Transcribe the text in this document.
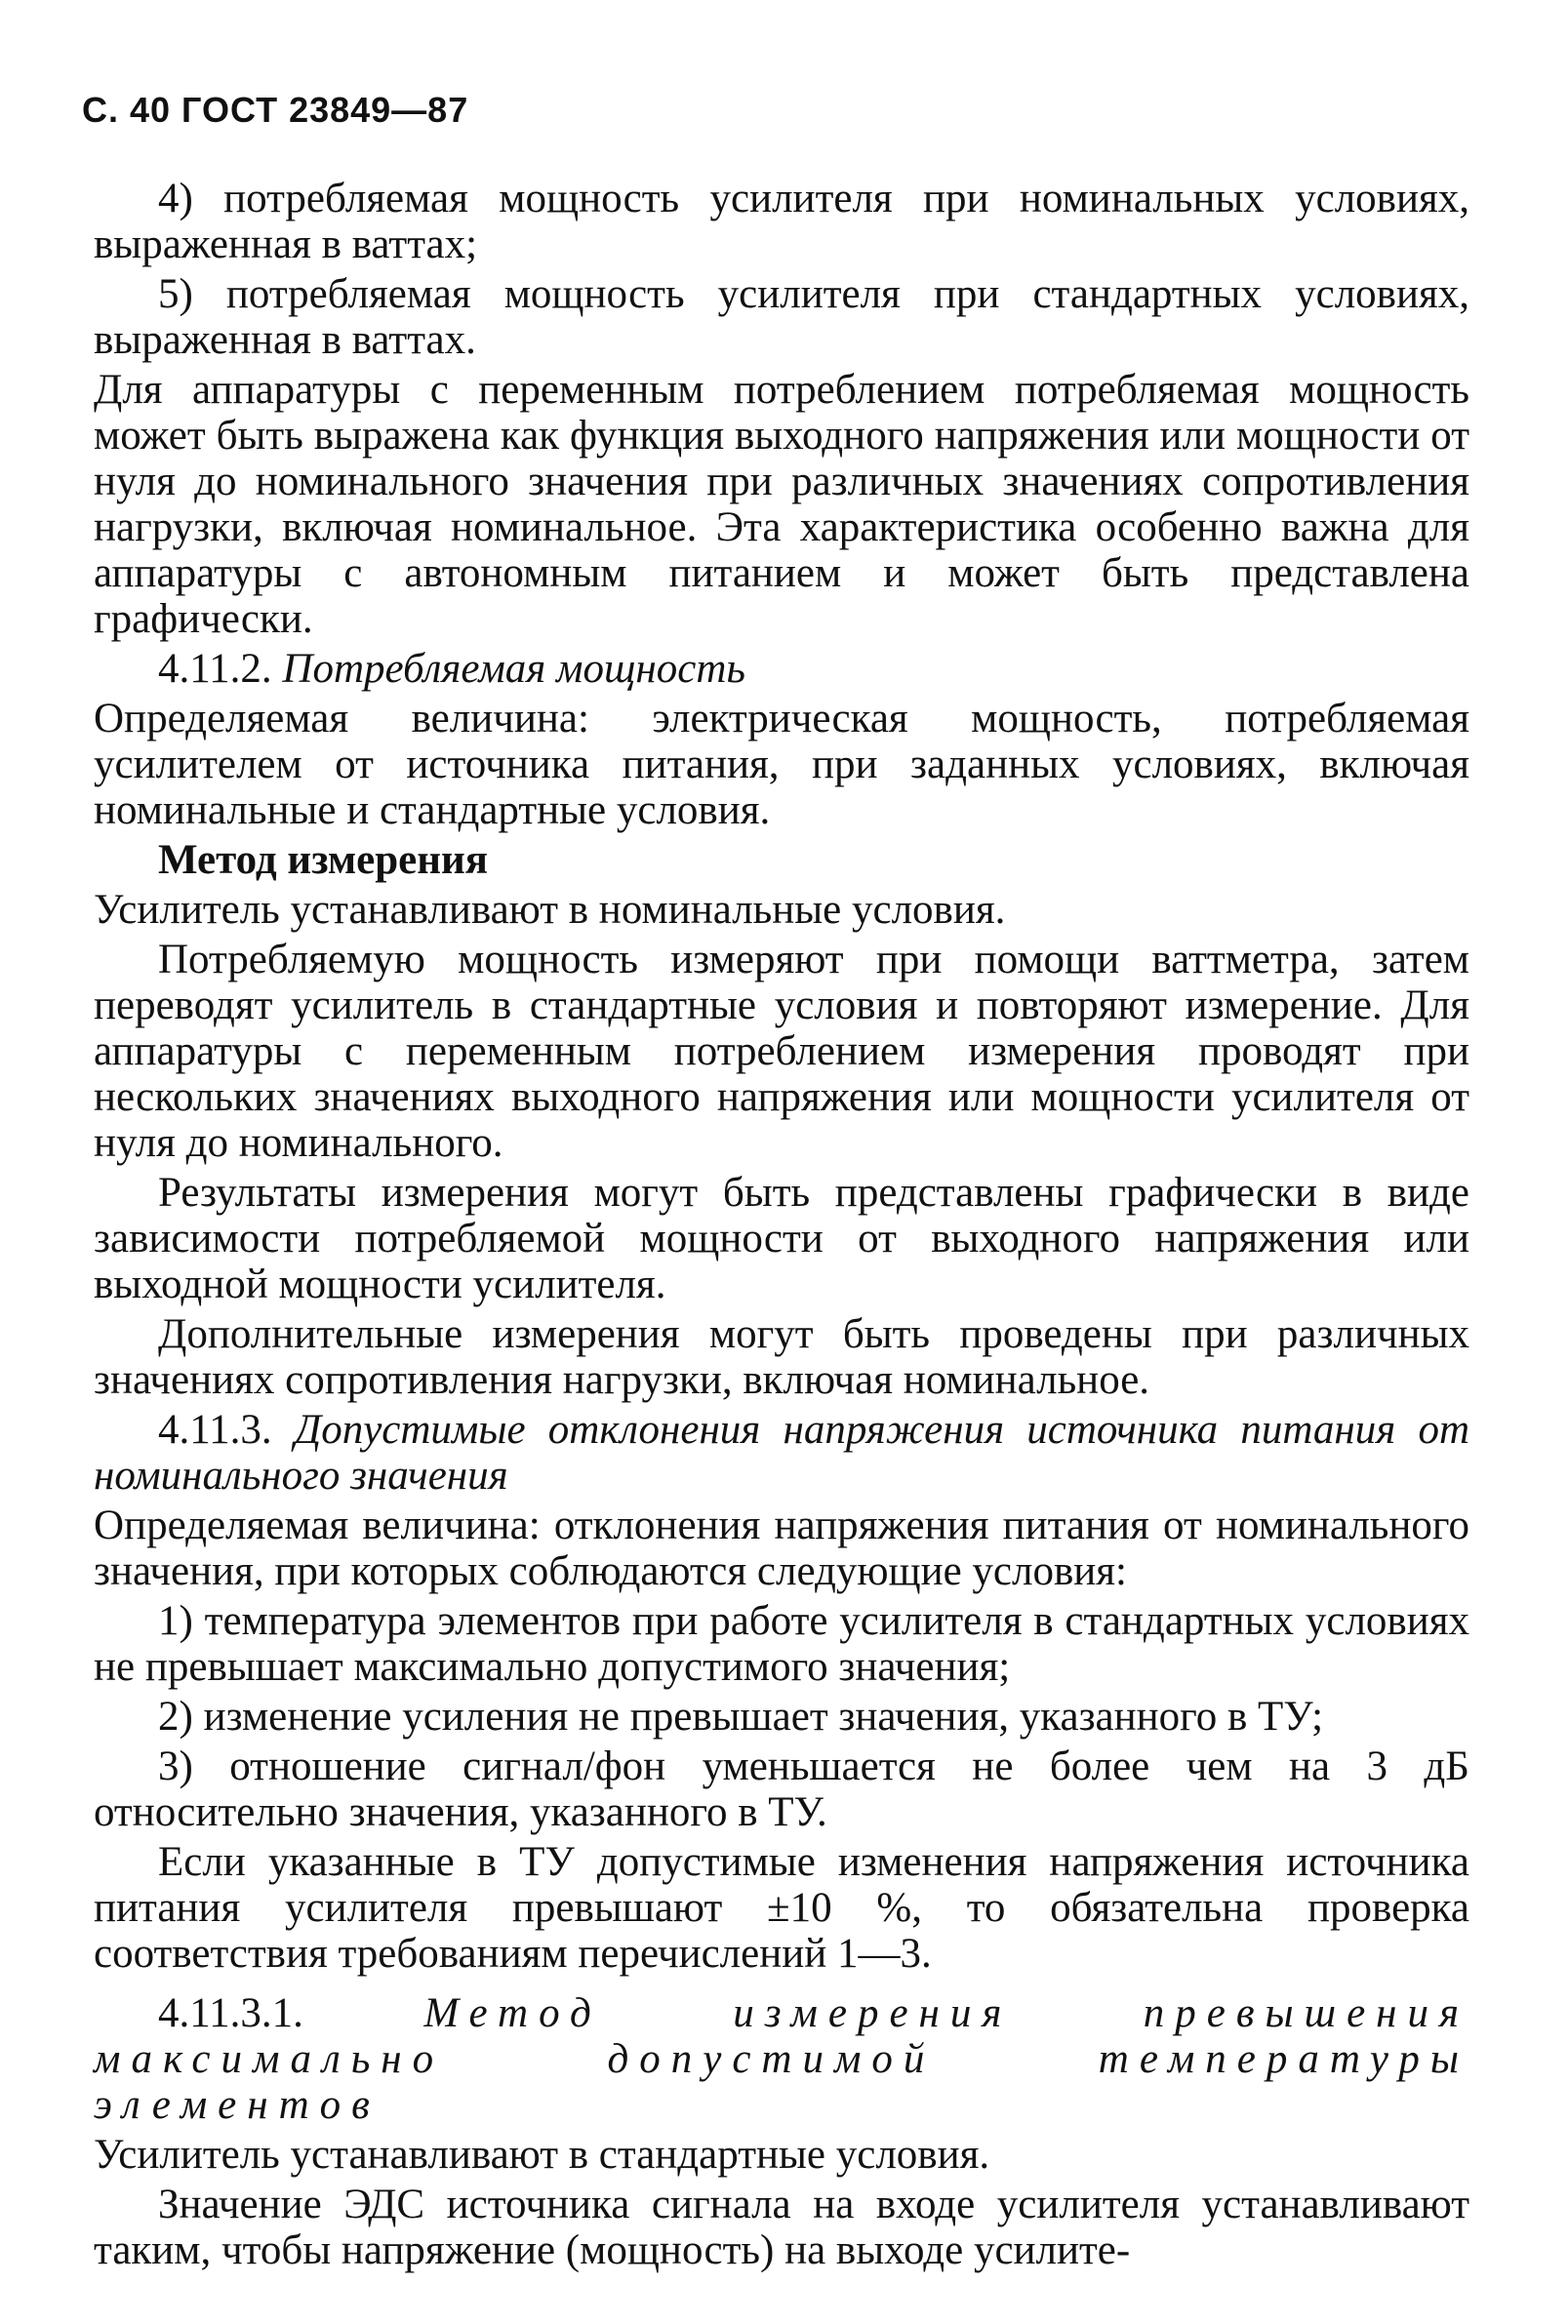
С. 40 ГОСТ 23849—87

4) потребляемая мощность усилителя при номинальных условиях, выраженная в ваттах;

5) потребляемая мощность усилителя при стандартных условиях, выраженная в ваттах.

Для аппаратуры с переменным потреблением потребляемая мощность может быть выражена как функция выходного напряжения или мощности от нуля до номинального значения при различных значениях сопротивления нагрузки, включая номинальное. Эта характеристика особенно важна для аппаратуры с автономным питанием и может быть представлена графически.

4.11.2. Потребляемая мощность

Определяемая величина: электрическая мощность, потребляемая усилителем от источника питания, при заданных условиях, включая номинальные и стандартные условия.

Метод измерения

Усилитель устанавливают в номинальные условия.

Потребляемую мощность измеряют при помощи ваттметра, затем переводят усилитель в стандартные условия и повторяют измерение. Для аппаратуры с переменным потреблением измерения проводят при нескольких значениях выходного напряжения или мощности усилителя от нуля до номинального.

Результаты измерения могут быть представлены графически в виде зависимости потребляемой мощности от выходного напряжения или выходной мощности усилителя.

Дополнительные измерения могут быть проведены при различных значениях сопротивления нагрузки, включая номинальное.

4.11.3. Допустимые отклонения напряжения источника питания от номинального значения

Определяемая величина: отклонения напряжения питания от номинального значения, при которых соблюдаются следующие условия:

1) температура элементов при работе усилителя в стандартных условиях не превышает максимально допустимого значения;

2) изменение усиления не превышает значения, указанного в ТУ;

3) отношение сигнал/фон уменьшается не более чем на 3 дБ относительно значения, указанного в ТУ.

Если указанные в ТУ допустимые изменения напряжения источника питания усилителя превышают ±10 %, то обязательна проверка соответствия требованиям перечислений 1—3.

4.11.3.1.	Метод измерения превышения максимально допустимой температуры элементов

Усилитель устанавливают в стандартные условия.

Значение ЭДС источника сигнала на входе усилителя устанавливают таким, чтобы напряжение (мощность) на выходе усилите-
